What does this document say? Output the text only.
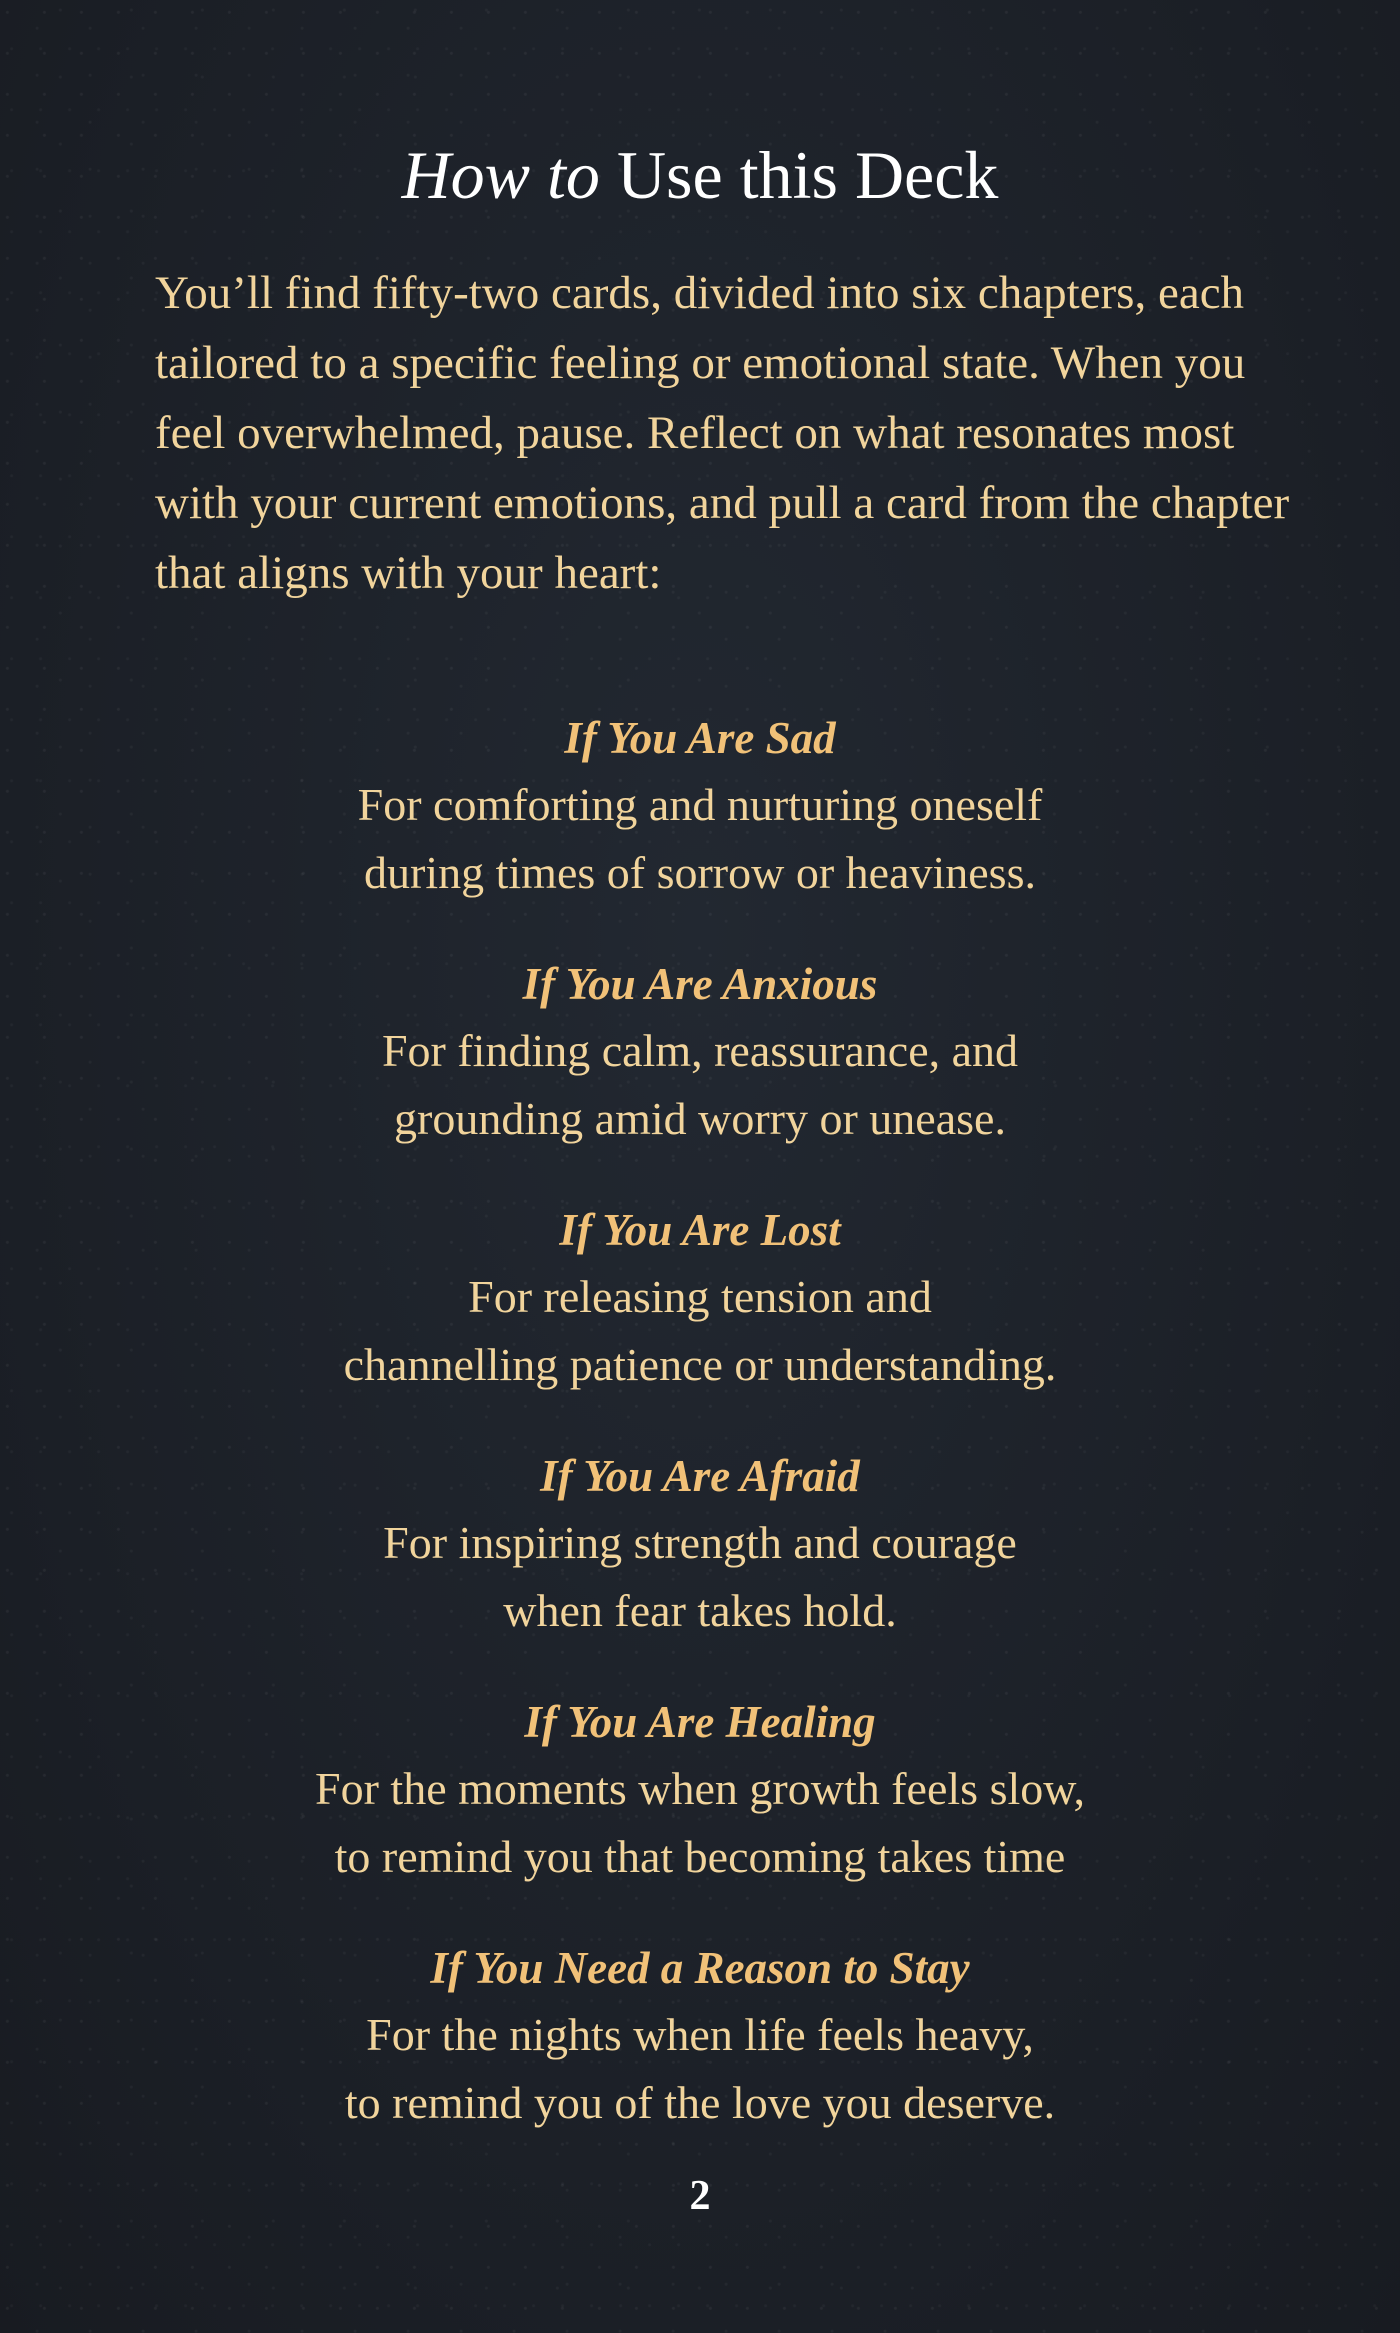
How to Use this Deck

You’ll find fifty-two cards, divided into six chapters, each tailored to a specific feeling or emotional state. When you feel overwhelmed, pause. Reflect on what resonates most with your current emotions, and pull a card from the chapter that aligns with your heart:

If You Are Sad
For comforting and nurturing oneself
during times of sorrow or heaviness.
If You Are Anxious
For finding calm, reassurance, and
grounding amid worry or unease.
If You Are Lost
For releasing tension and
channelling patience or understanding.
If You Are Afraid
For inspiring strength and courage
when fear takes hold.
If You Are Healing
For the moments when growth feels slow,
to remind you that becoming takes time
If You Need a Reason to Stay
For the nights when life feels heavy,
to remind you of the love you deserve.
2
